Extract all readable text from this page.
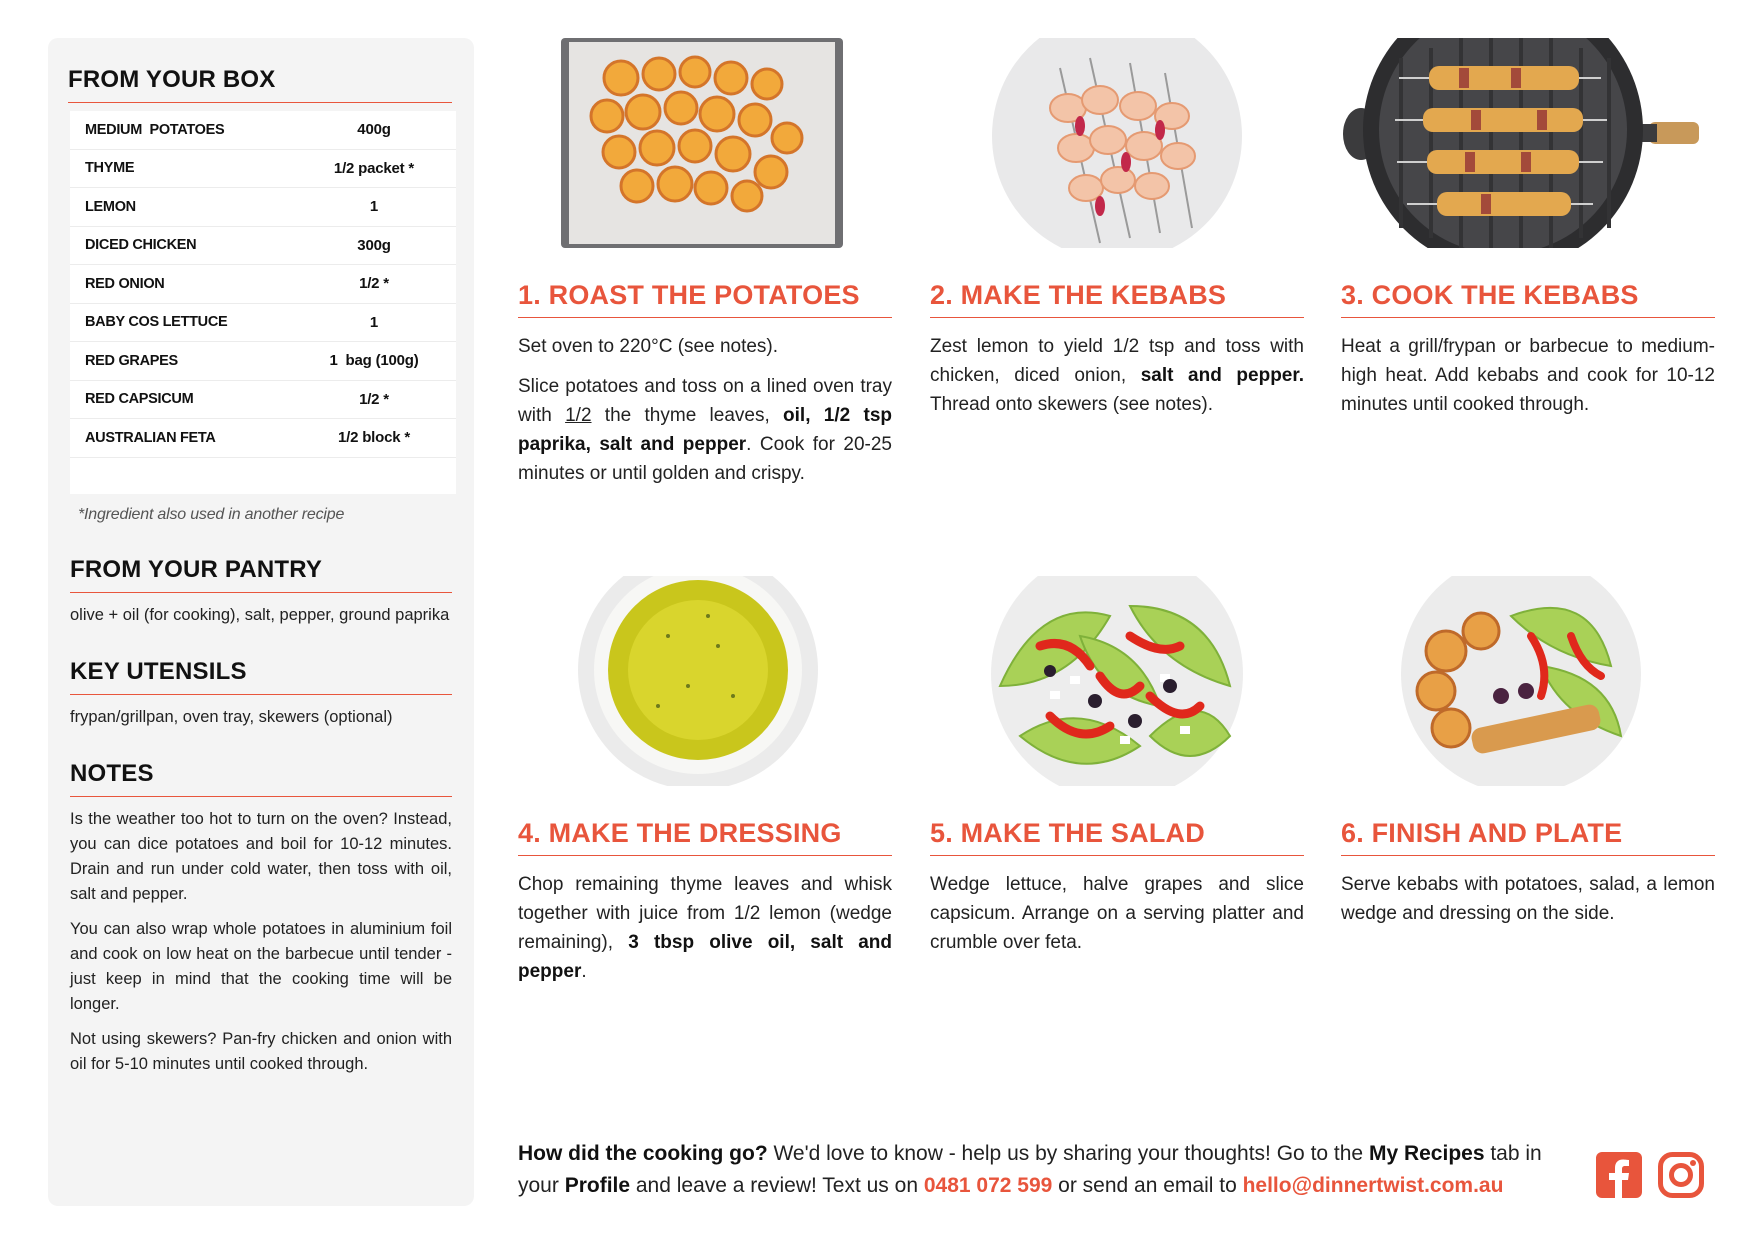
FROM YOUR BOX
MEDIUM  POTATOES	400g
THYME	1/2 packet *
LEMON	1
DICED CHICKEN	300g
RED ONION	1/2 *
BABY COS LETTUCE	1
RED GRAPES	1  bag (100g)
RED CAPSICUM	1/2 *
AUSTRALIAN FETA	1/2 block *
*Ingredient also used in another recipe
FROM YOUR PANTRY
olive + oil (for cooking), salt, pepper, ground paprika
KEY UTENSILS
frypan/grillpan, oven tray, skewers (optional)
NOTES

Is the weather too hot to turn on the oven? Instead, you can dice potatoes and boil for 10-12 minutes. Drain and run under cold water, then toss with oil, salt and pepper.

You can also wrap whole potatoes in aluminium foil and cook on low heat on the barbecue until tender - just keep in mind that the cooking time will be longer.

Not using skewers? Pan-fry chicken and onion with oil for 5-10 minutes until cooked through.

1. ROAST THE POTATOES

Set oven to 220°C (see notes).

Slice potatoes and toss on a lined oven tray with 1/2 the thyme leaves, oil, 1/2 tsp paprika, salt and pepper. Cook for 20-25 minutes or until golden and crispy.

2. MAKE THE KEBABS

Zest lemon to yield 1/2 tsp and toss with chicken, diced onion, salt and pepper. Thread onto skewers (see notes).

3. COOK THE KEBABS

Heat a grill/frypan or barbecue to medium-high heat. Add kebabs and cook for 10-12 minutes until cooked through.

4. MAKE THE DRESSING

Chop remaining thyme leaves and whisk together with juice from 1/2 lemon (wedge remaining), 3 tbsp olive oil, salt and pepper.

5. MAKE THE SALAD

Wedge lettuce, halve grapes and slice capsicum. Arrange on a serving platter and crumble over feta.

6. FINISH AND PLATE

Serve kebabs with potatoes, salad, a lemon wedge and dressing on the side.

How did the cooking go? We'd love to know - help us by sharing your thoughts! Go to the My Recipes tab in your Profile and leave a review! Text us on 0481 072 599 or send an email to hello@dinnertwist.com.au
